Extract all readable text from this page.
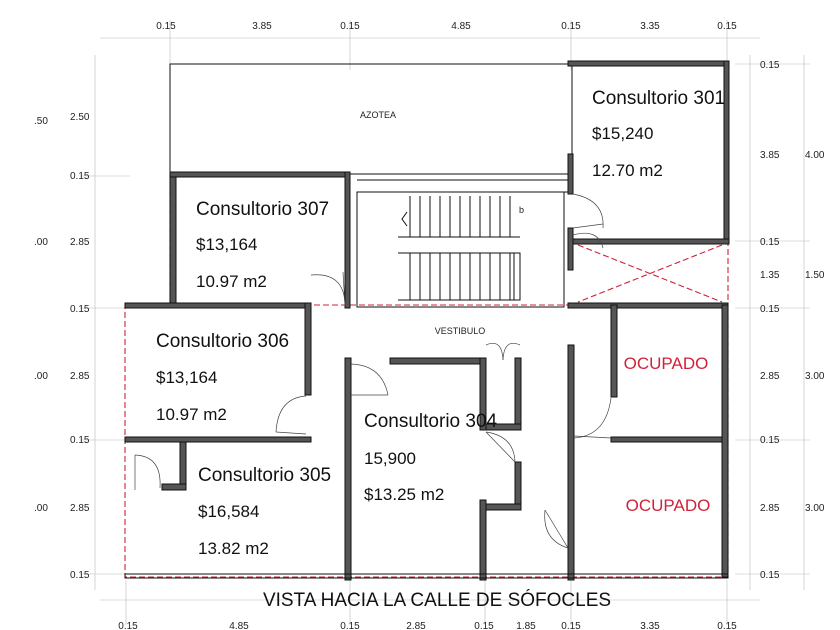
0.15	3.85	0.15	4.85	0.15	3.35	0.15
0.15	4.85	0.15	2.85	0.15 1.85	0.15	3.35	0.15
.50
.00
.00
.00
2.50
0.15
2.85
0.15
2.85
0.15
2.85
0.15
0.15
3.85
0.15
1.35
0.15
2.85
0.15
2.85
0.15
4.00
1.50
3.00
3.00
AZOTEA
b
Consultorio 301
$15,240
12.70 m2
Consultorio 307
$13,164
10.97 m2
Consultorio 306
$13,164
10.97 m2
Consultorio 305
$16,584
13.82 m2
Consultorio 304
15,900
$13.25 m2
VESTIBULO
OCUPADO
OCUPADO
VISTA HACIA LA CALLE DE SÓFOCLES
